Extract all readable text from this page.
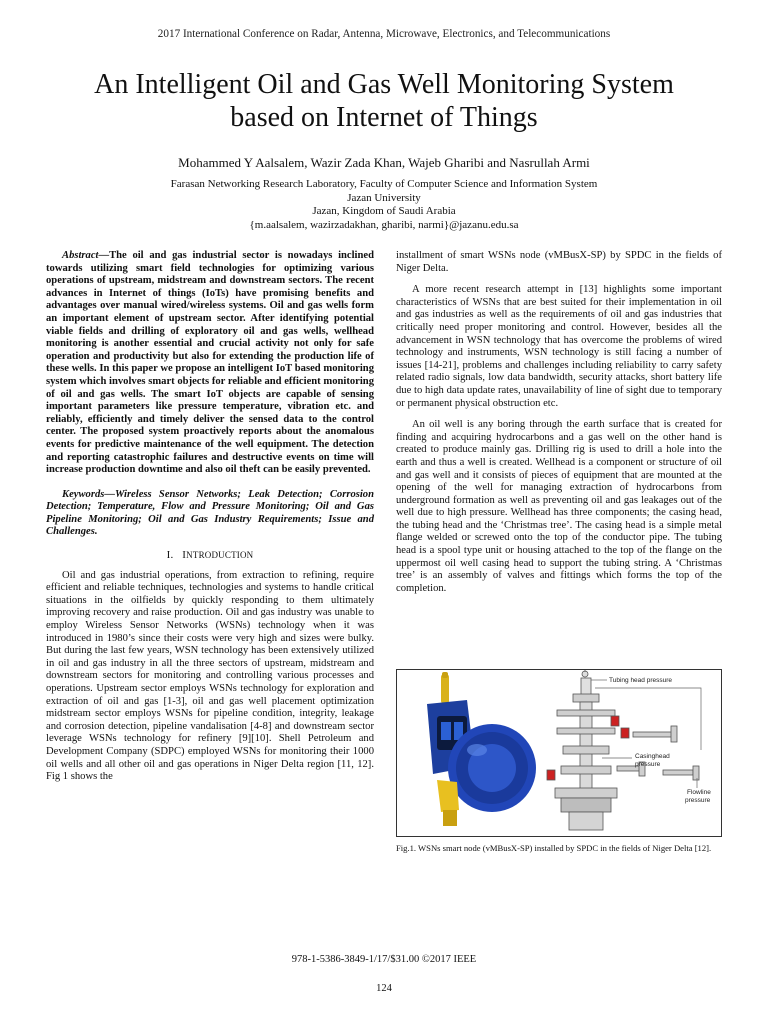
2017 International Conference on Radar, Antenna, Microwave, Electronics, and Telecommunications
An Intelligent Oil and Gas Well Monitoring System
based on Internet of Things
Mohammed Y Aalsalem, Wazir Zada Khan, Wajeb Gharibi and Nasrullah Armi
Farasan Networking Research Laboratory, Faculty of Computer Science and Information System
Jazan University
Jazan, Kingdom of Saudi Arabia
{m.aalsalem, wazirzadakhan, gharibi, narmi}@jazanu.edu.sa

Abstract—The oil and gas industrial sector is nowadays inclined towards utilizing smart field technologies for optimizing various operations of upstream, midstream and downstream sectors. The recent advances in Internet of things (IoTs) have promising benefits and advantages over manual wired/wireless systems. Oil and gas wells form an important element of upstream sector. After identifying potential viable fields and drilling of exploratory oil and gas wells, wellhead monitoring is another essential and crucial activity not only for safe operation and productivity but also for extending the production life of these wells. In this paper we propose an intelligent IoT based monitoring system which involves smart objects for reliable and efficient monitoring of oil and gas wells. The smart IoT objects are capable of sensing important parameters like pressure temperature, vibration etc. and reliably, efficiently and timely deliver the sensed data to the control center. The proposed system proactively reports about the anomalous events for predictive maintenance of the well equipment. The detection and reporting catastrophic failures and destructive events on time will increase production downtime and also oil theft can be easily prevented.

Keywords—Wireless Sensor Networks; Leak Detection; Corrosion Detection; Temperature, Flow and Pressure Monitoring; Oil and Gas Pipeline Monitoring; Oil and Gas Industry Requirements; Issue and Challenges.

I. INTRODUCTION

Oil and gas industrial operations, from extraction to refining, require efficient and reliable techniques, technologies and systems to handle critical situations in the oilfields by quickly responding to them ultimately improving recovery and raise production. Oil and gas industry was unable to employ Wireless Sensor Networks (WSNs) technology when it was introduced in 1980’s since their costs were very high and sizes were bulky. But during the last few years, WSN technology has been extensively utilized in oil and gas industry in all the three sectors of upstream, midstream and downstream sectors for monitoring and controlling various processes and operations. Upstream sector employs WSNs technology for exploration and extraction of oil and gas [1-3], oil and gas well placement optimization midstream sector employs WSNs for pipeline condition, integrity, leakage and corrosion detection, pipeline vandalisation [4-8] and downstream sector leverage WSNs technology for refinery [9][10]. Shell Petroleum and Development Company (SDPC) employed WSNs for monitoring their 1000 oil wells and all other oil and gas operations in Niger Delta region [11, 12]. Fig 1 shows the

installment of smart WSNs node (vMBusX-SP) by SPDC in the fields of Niger Delta.

A more recent research attempt in [13] highlights some important characteristics of WSNs that are best suited for their implementation in oil and gas industries as well as the requirements of oil and gas industries that critically need proper monitoring and control. However, besides all the advancement in WSN technology that has overcome the problems of wired technology and instruments, WSN technology is still facing a number of issues [14-21], problems and challenges including reliability to carry safety related radio signals, low data bandwidth, security attacks, short battery life due to high data update rates, unavailability of line of sight due to temporary or permanent physical obstruction etc.

An oil well is any boring through the earth surface that is created for finding and acquiring hydrocarbons and a gas well on the other hand is created to produce mainly gas. Drilling rig is used to drill a hole into the earth and thus a well is created. Wellhead is a component or structure of oil and gas well and it consists of pieces of equipment that are mounted at the opening of the well for managing extraction of hydrocarbons from underground formation as well as preventing oil and gas leakages out of the well due to high pressure. Wellhead has three components; the casing head, the tubing head and the ‘Christmas tree’. The casing head is a simple metal flange welded or screwed onto the top of the conductor pipe. The tubing head is a spool type unit or housing attached to the top of the flange on the uppermost oil well casing head to support the tubing string. A ‘Christmas tree’ is an assembly of valves and fittings which forms the top of the completion.

Tubing head pressure
Casinghead
pressure
Flowline
pressure
Fig.1. WSNs smart node (vMBusX-SP) installed by SPDC in the fields of Niger Delta [12].
978-1-5386-3849-1/17/$31.00 ©2017 IEEE
124
